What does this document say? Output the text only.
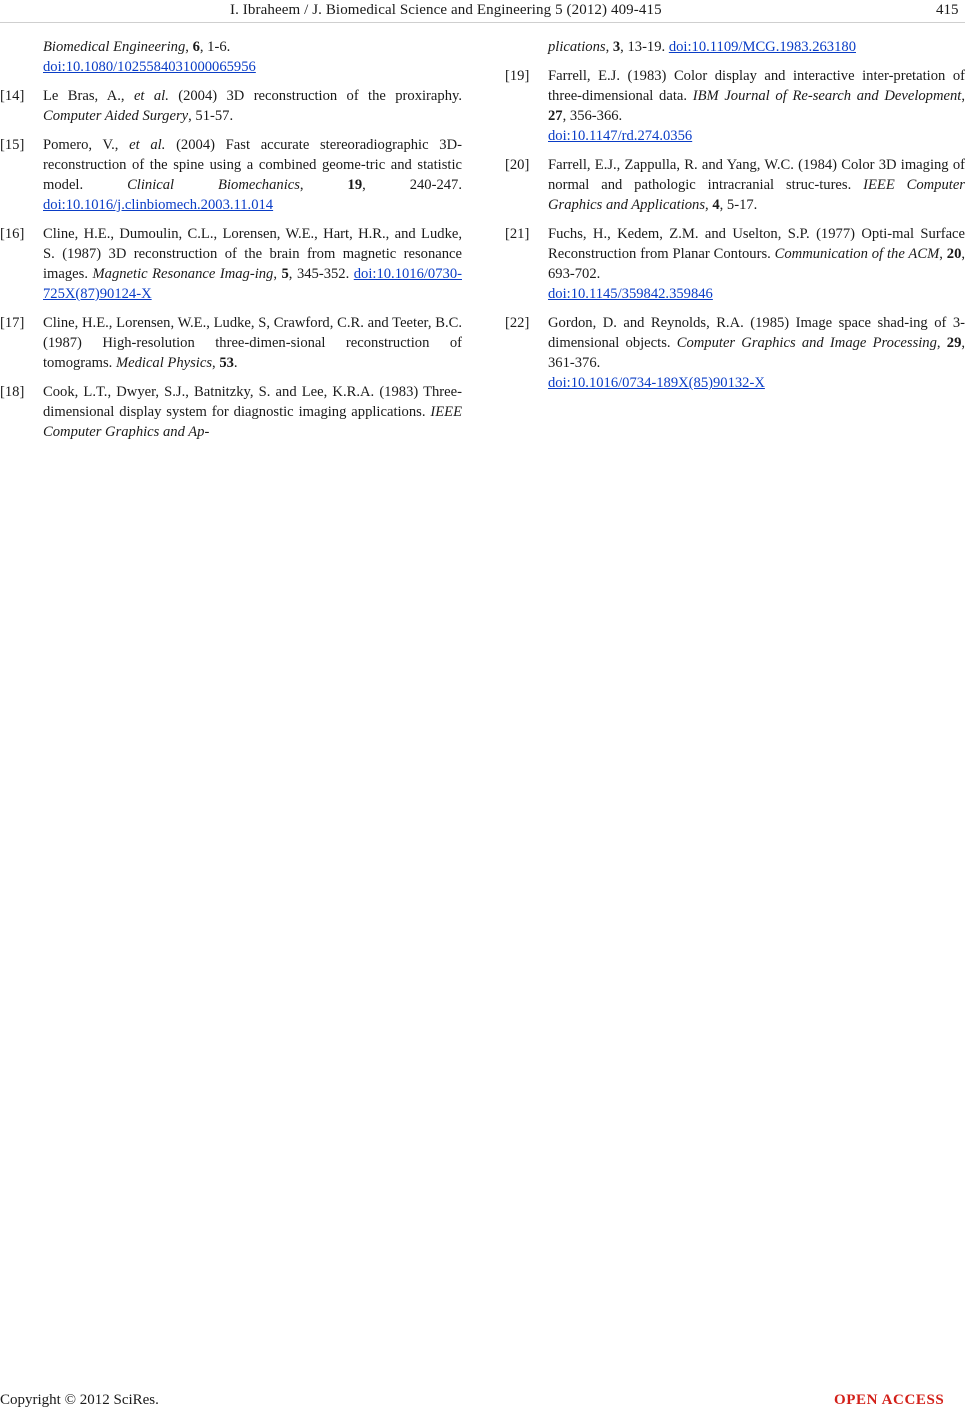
I. Ibraheem / J. Biomedical Science and Engineering 5 (2012) 409-415	415
Biomedical Engineering, 6, 1-6.
doi:10.1080/1025584031000065956
[14] Le Bras, A., et al. (2004) 3D reconstruction of the proxiraphy. Computer Aided Surgery, 51-57.
[15] Pomero, V., et al. (2004) Fast accurate stereoradiographic 3D-reconstruction of the spine using a combined geome-tric and statistic model. Clinical Biomechanics, 19, 240-247. doi:10.1016/j.clinbiomech.2003.11.014
[16] Cline, H.E., Dumoulin, C.L., Lorensen, W.E., Hart, H.R., and Ludke, S. (1987) 3D reconstruction of the brain from magnetic resonance images. Magnetic Resonance Imag-ing, 5, 345-352. doi:10.1016/0730-725X(87)90124-X
[17] Cline, H.E., Lorensen, W.E., Ludke, S, Crawford, C.R. and Teeter, B.C. (1987) High-resolution three-dimen-sional reconstruction of tomograms. Medical Physics, 53.
[18] Cook, L.T., Dwyer, S.J., Batnitzky, S. and Lee, K.R.A. (1983) Three-dimensional display system for diagnostic imaging applications. IEEE Computer Graphics and Ap-
plications, 3, 13-19. doi:10.1109/MCG.1983.263180
[19] Farrell, E.J. (1983) Color display and interactive inter-pretation of three-dimensional data. IBM Journal of Re-search and Development, 27, 356-366.
doi:10.1147/rd.274.0356
[20] Farrell, E.J., Zappulla, R. and Yang, W.C. (1984) Color 3D imaging of normal and pathologic intracranial struc-tures. IEEE Computer Graphics and Applications, 4, 5-17.
[21] Fuchs, H., Kedem, Z.M. and Uselton, S.P. (1977) Opti-mal Surface Reconstruction from Planar Contours. Communication of the ACM, 20, 693-702.
doi:10.1145/359842.359846
[22] Gordon, D. and Reynolds, R.A. (1985) Image space shad-ing of 3-dimensional objects. Computer Graphics and Image Processing, 29, 361-376.
doi:10.1016/0734-189X(85)90132-X
Copyright © 2012 SciRes.	OPEN ACCESS
